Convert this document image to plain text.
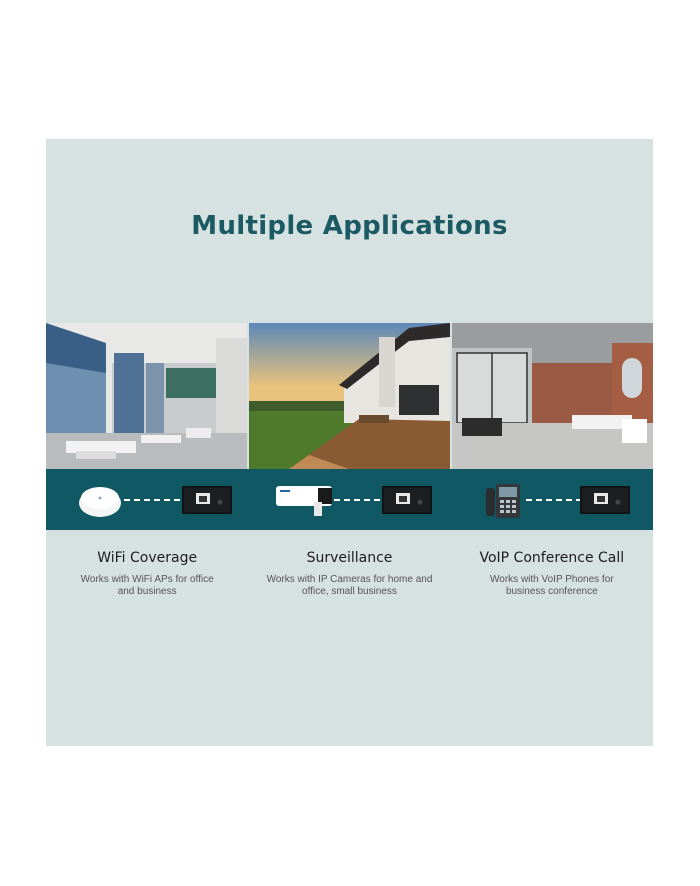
Multiple Applications
WiFi Coverage
Works with WiFi APs for office and business
Surveillance
Works with IP Cameras for home and office, small business
VoIP Conference Call
Works with VoIP Phones for business conference
